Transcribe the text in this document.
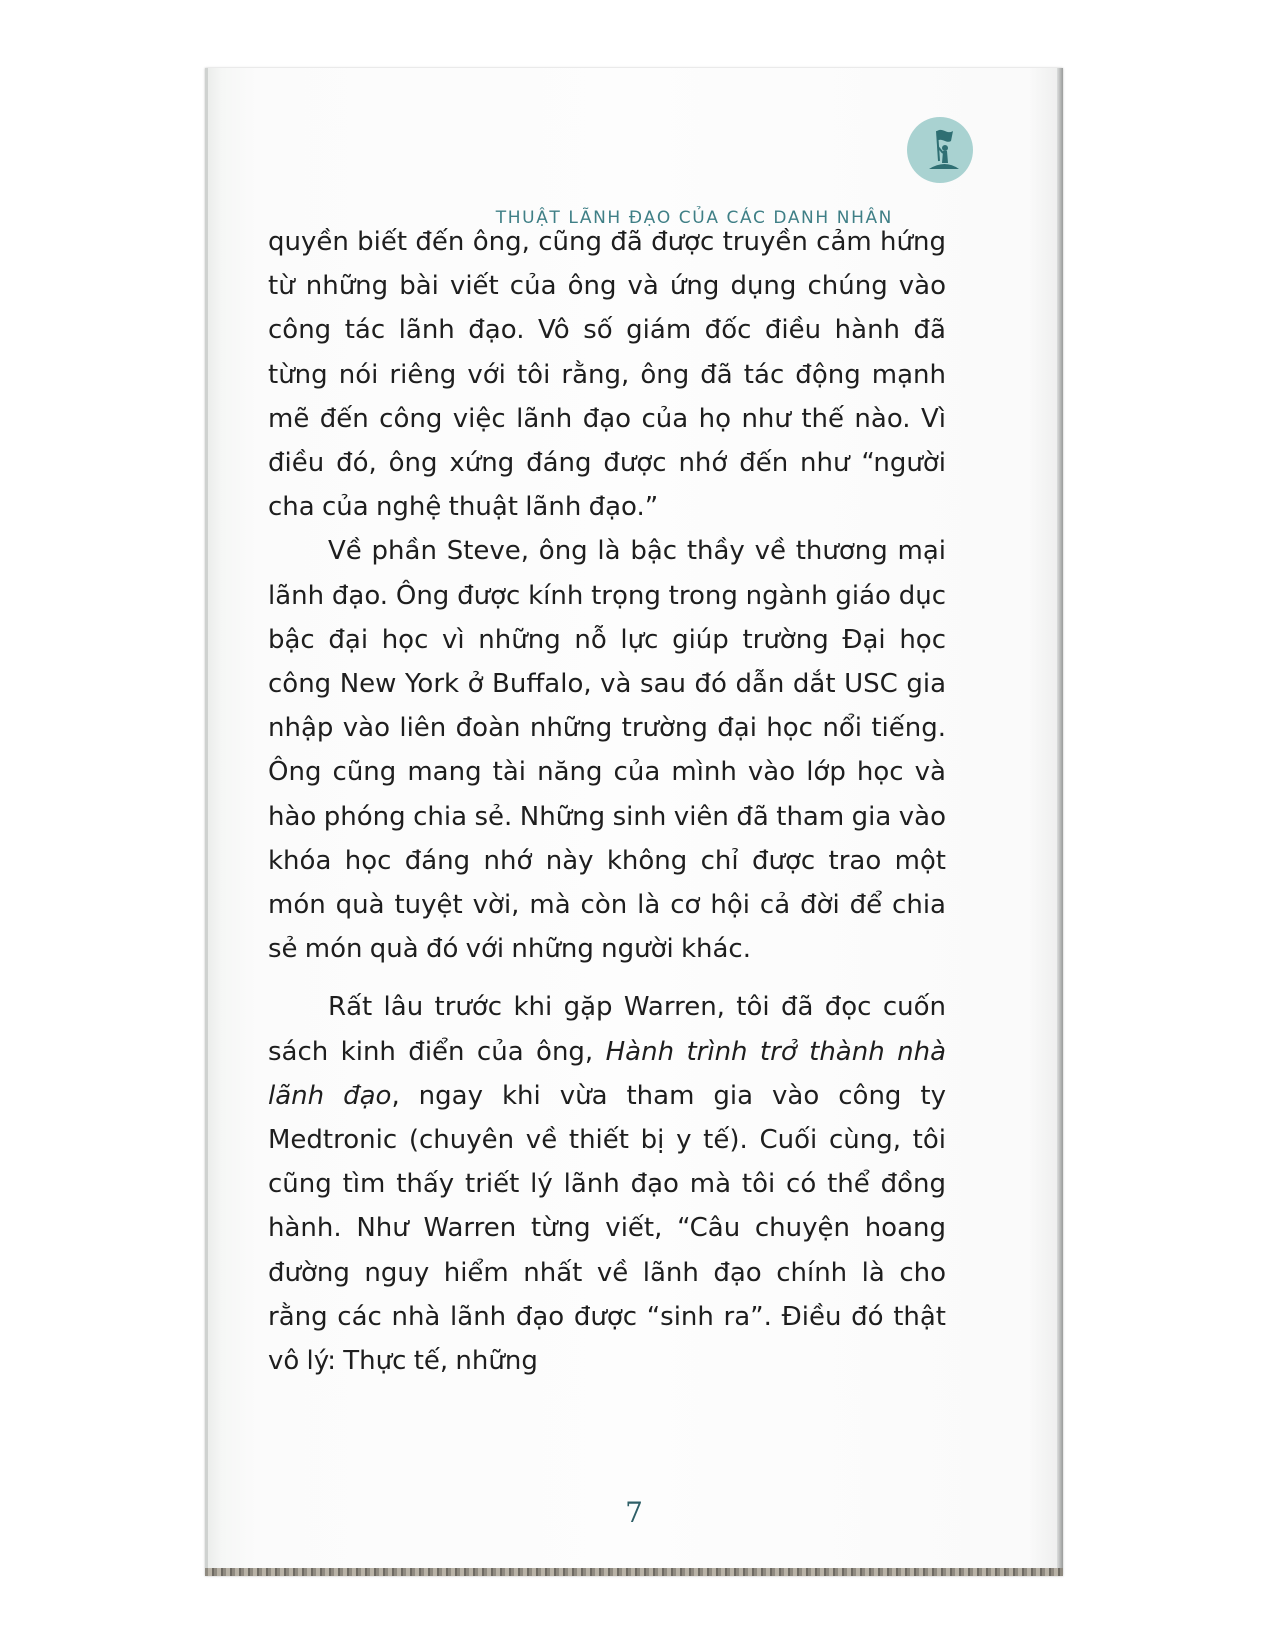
THUẬT LÃNH ĐẠO CỦA CÁC DANH NHÂN

quyền biết đến ông, cũng đã được truyền cảm hứng từ những bài viết của ông và ứng dụng chúng vào công tác lãnh đạo. Vô số giám đốc điều hành đã từng nói riêng với tôi rằng, ông đã tác động mạnh mẽ đến công việc lãnh đạo của họ như thế nào. Vì điều đó, ông xứng đáng được nhớ đến như “người cha của nghệ thuật lãnh đạo.”

Về phần Steve, ông là bậc thầy về thương mại lãnh đạo. Ông được kính trọng trong ngành giáo dục bậc đại học vì những nỗ lực giúp trường Đại học công New York ở Buffalo, và sau đó dẫn dắt USC gia nhập vào liên đoàn những trường đại học nổi tiếng. Ông cũng mang tài năng của mình vào lớp học và hào phóng chia sẻ. Những sinh viên đã tham gia vào khóa học đáng nhớ này không chỉ được trao một món quà tuyệt vời, mà còn là cơ hội cả đời để chia sẻ món quà đó với những người khác.

Rất lâu trước khi gặp Warren, tôi đã đọc cuốn sách kinh điển của ông, Hành trình trở thành nhà lãnh đạo, ngay khi vừa tham gia vào công ty Medtronic (chuyên về thiết bị y tế). Cuối cùng, tôi cũng tìm thấy triết lý lãnh đạo mà tôi có thể đồng hành. Như Warren từng viết, “Câu chuyện hoang đường nguy hiểm nhất về lãnh đạo chính là cho rằng các nhà lãnh đạo được “sinh ra”. Điều đó thật vô lý: Thực tế, những

7
